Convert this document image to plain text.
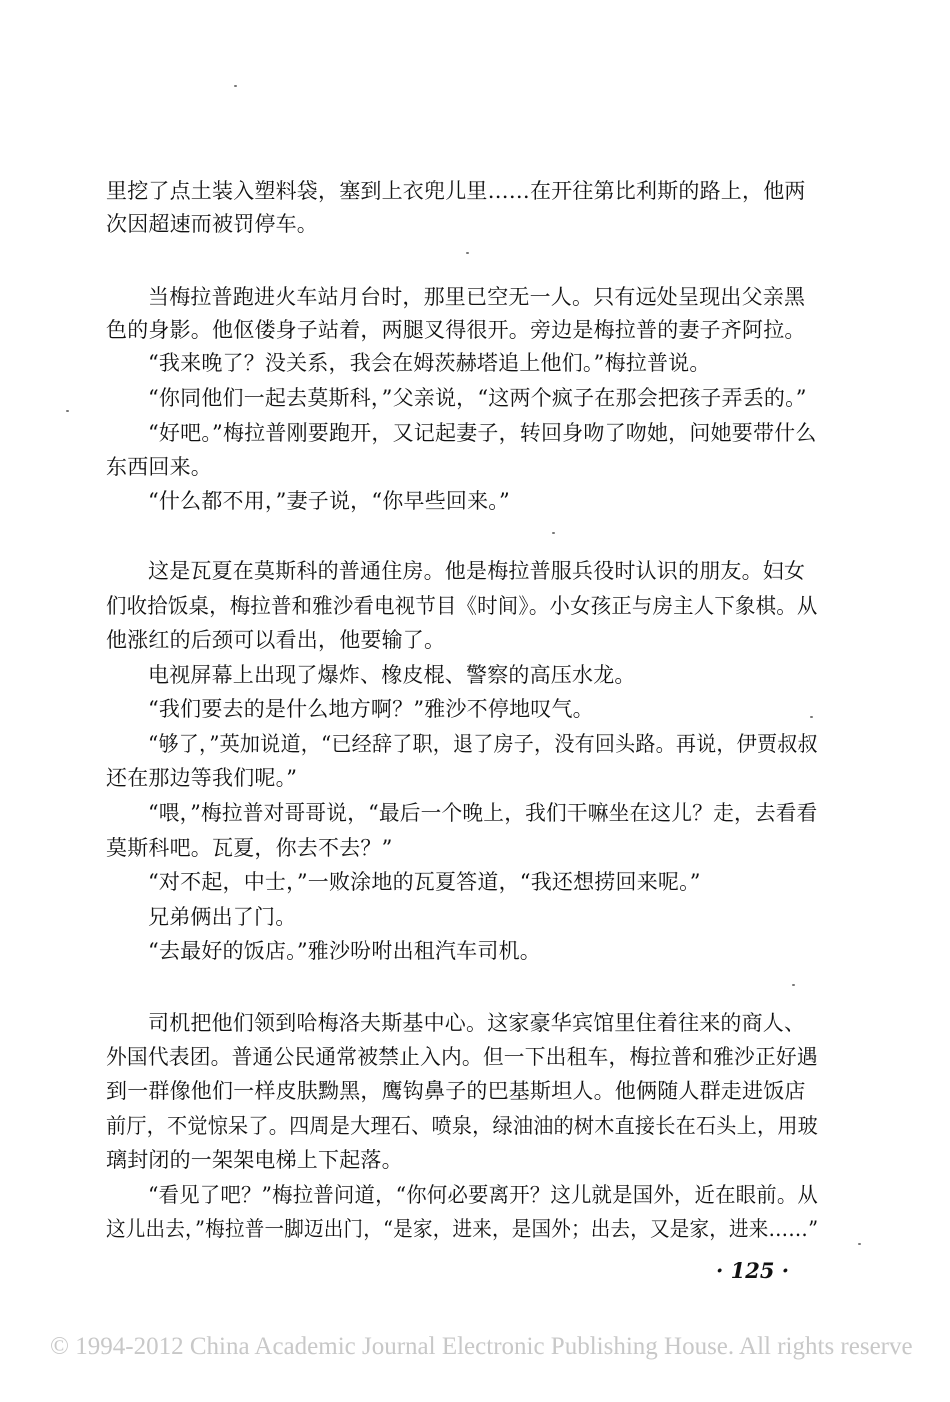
里挖了点土装入塑料袋，塞到上衣兜儿里……在开往第比利斯的路上，他两
次因超速而被罚停车。
当梅拉普跑进火车站月台时，那里已空无一人。只有远处呈现出父亲黑
色的身影。他伛偻身子站着，两腿叉得很开。旁边是梅拉普的妻子齐阿拉。
“我来晚了？没关系，我会在姆茨赫塔追上他们。”梅拉普说。
“你同他们一起去莫斯科，”父亲说，“这两个疯子在那会把孩子弄丢的。”
“好吧。”梅拉普刚要跑开，又记起妻子，转回身吻了吻她，问她要带什么
东西回来。
“什么都不用，”妻子说，“你早些回来。”
这是瓦夏在莫斯科的普通住房。他是梅拉普服兵役时认识的朋友。妇女
们收拾饭桌，梅拉普和雅沙看电视节目《时间》。小女孩正与房主人下象棋。从
他涨红的后颈可以看出，他要输了。
电视屏幕上出现了爆炸、橡皮棍、警察的高压水龙。
“我们要去的是什么地方啊？”雅沙不停地叹气。
“够了，”英加说道，“已经辞了职，退了房子，没有回头路。再说，伊贾叔叔
还在那边等我们呢。”
“喂，”梅拉普对哥哥说，“最后一个晚上，我们干嘛坐在这儿？走，去看看
莫斯科吧。瓦夏，你去不去？”
“对不起，中士，”一败涂地的瓦夏答道，“我还想捞回来呢。”
兄弟俩出了门。
“去最好的饭店。”雅沙吩咐出租汽车司机。
司机把他们领到哈梅洛夫斯基中心。这家豪华宾馆里住着往来的商人、
外国代表团。普通公民通常被禁止入内。但一下出租车，梅拉普和雅沙正好遇
到一群像他们一样皮肤黝黑，鹰钩鼻子的巴基斯坦人。他俩随人群走进饭店
前厅，不觉惊呆了。四周是大理石、喷泉，绿油油的树木直接长在石头上，用玻
璃封闭的一架架电梯上下起落。
“看见了吧？”梅拉普问道，“你何必要离开？这儿就是国外，近在眼前。从
这儿出去，”梅拉普一脚迈出门，“是家，进来，是国外；出去，又是家，进来……”
· 125 ·
© 1994-2012 China Academic Journal Electronic Publishing House. All rights reserve
